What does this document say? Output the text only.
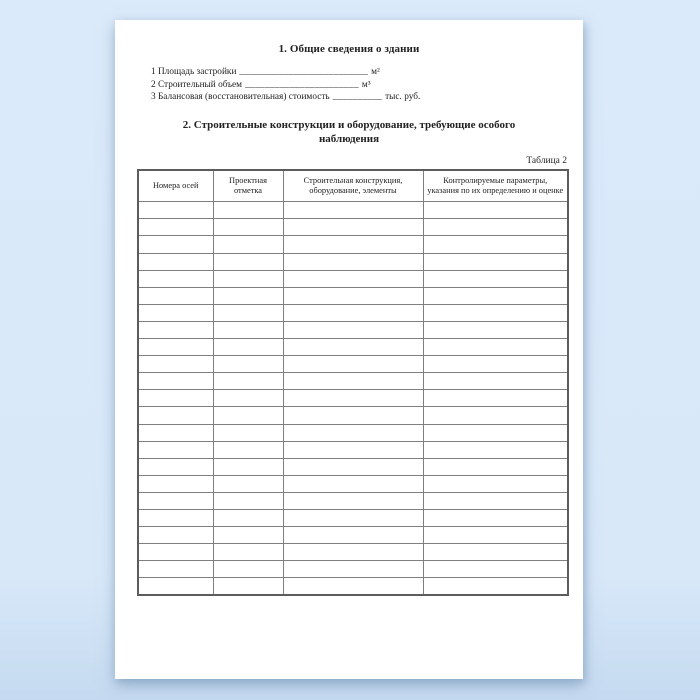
1. Общие сведения о здании
1 Площадь застройки __________________________ м²
2 Строительный объем _______________________ м³
3 Балансовая (восстановительная) стоимость __________ тыс. руб.
2. Строительные конструкции и оборудование, требующие особого наблюдения
Таблица 2
Номера осей	Проектная отметка	Строительная конструкция, оборудование, элементы	Контролируемые параметры, указания по их определению и оценке
